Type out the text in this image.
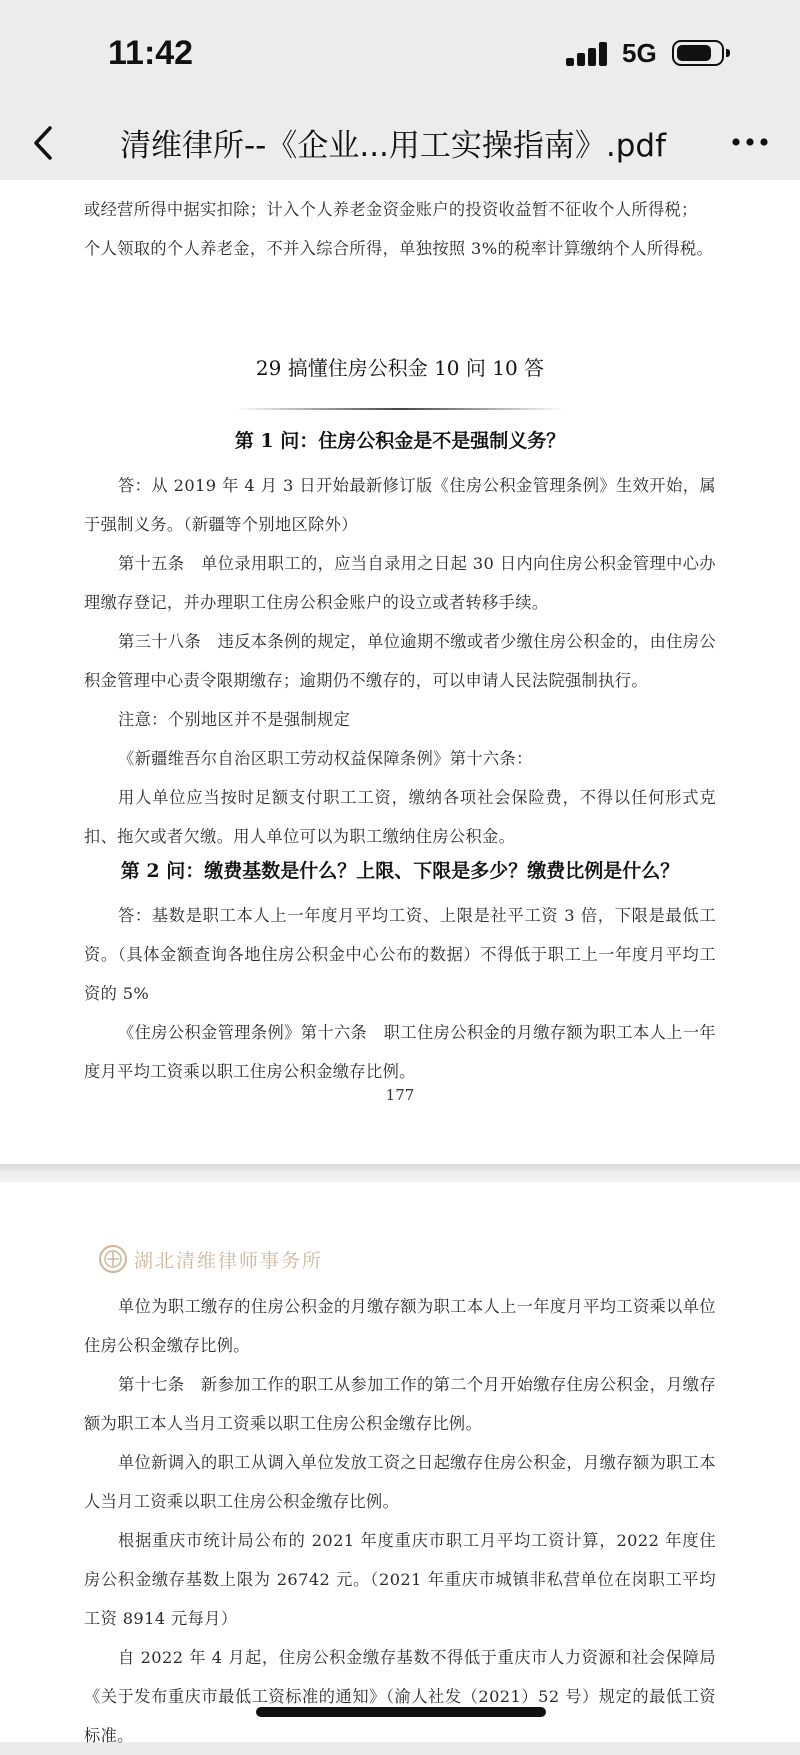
11:42	5G
清维律所--《企业...用工实操指南》.pdf
或经营所得中据实扣除；计入个人养老金资金账户的投资收益暂不征收个人所得税；
个人领取的个人养老金，不并入综合所得，单独按照 3%的税率计算缴纳个人所得税。
29 搞懂住房公积金 10 问 10 答
第 1 问：住房公积金是不是强制义务？
答：从 2019 年 4 月 3 日开始最新修订版《住房公积金管理条例》生效开始，属于强制义务。（新疆等个别地区除外）
第十五条　单位录用职工的，应当自录用之日起 30 日内向住房公积金管理中心办理缴存登记，并办理职工住房公积金账户的设立或者转移手续。
第三十八条　违反本条例的规定，单位逾期不缴或者少缴住房公积金的，由住房公积金管理中心责令限期缴存；逾期仍不缴存的，可以申请人民法院强制执行。
注意：个别地区并不是强制规定
《新疆维吾尔自治区职工劳动权益保障条例》第十六条：
用人单位应当按时足额支付职工工资，缴纳各项社会保险费，不得以任何形式克扣、拖欠或者欠缴。用人单位可以为职工缴纳住房公积金。
第 2 问：缴费基数是什么？上限、下限是多少？缴费比例是什么？
答：基数是职工本人上一年度月平均工资、上限是社平工资 3 倍，下限是最低工资。（具体金额查询各地住房公积金中心公布的数据）不得低于职工上一年度月平均工资的 5%
《住房公积金管理条例》第十六条　职工住房公积金的月缴存额为职工本人上一年度月平均工资乘以职工住房公积金缴存比例。
177
湖北清维律师事务所
单位为职工缴存的住房公积金的月缴存额为职工本人上一年度月平均工资乘以单位住房公积金缴存比例。
第十七条　新参加工作的职工从参加工作的第二个月开始缴存住房公积金，月缴存额为职工本人当月工资乘以职工住房公积金缴存比例。
单位新调入的职工从调入单位发放工资之日起缴存住房公积金，月缴存额为职工本人当月工资乘以职工住房公积金缴存比例。
根据重庆市统计局公布的 2021 年度重庆市职工月平均工资计算，2022 年度住房公积金缴存基数上限为 26742 元。（2021 年重庆市城镇非私营单位在岗职工平均工资 8914 元每月）
自 2022 年 4 月起，住房公积金缴存基数不得低于重庆市人力资源和社会保障局《关于发布重庆市最低工资标准的通知》（渝人社发（2021）52 号）规定的最低工资标准。
